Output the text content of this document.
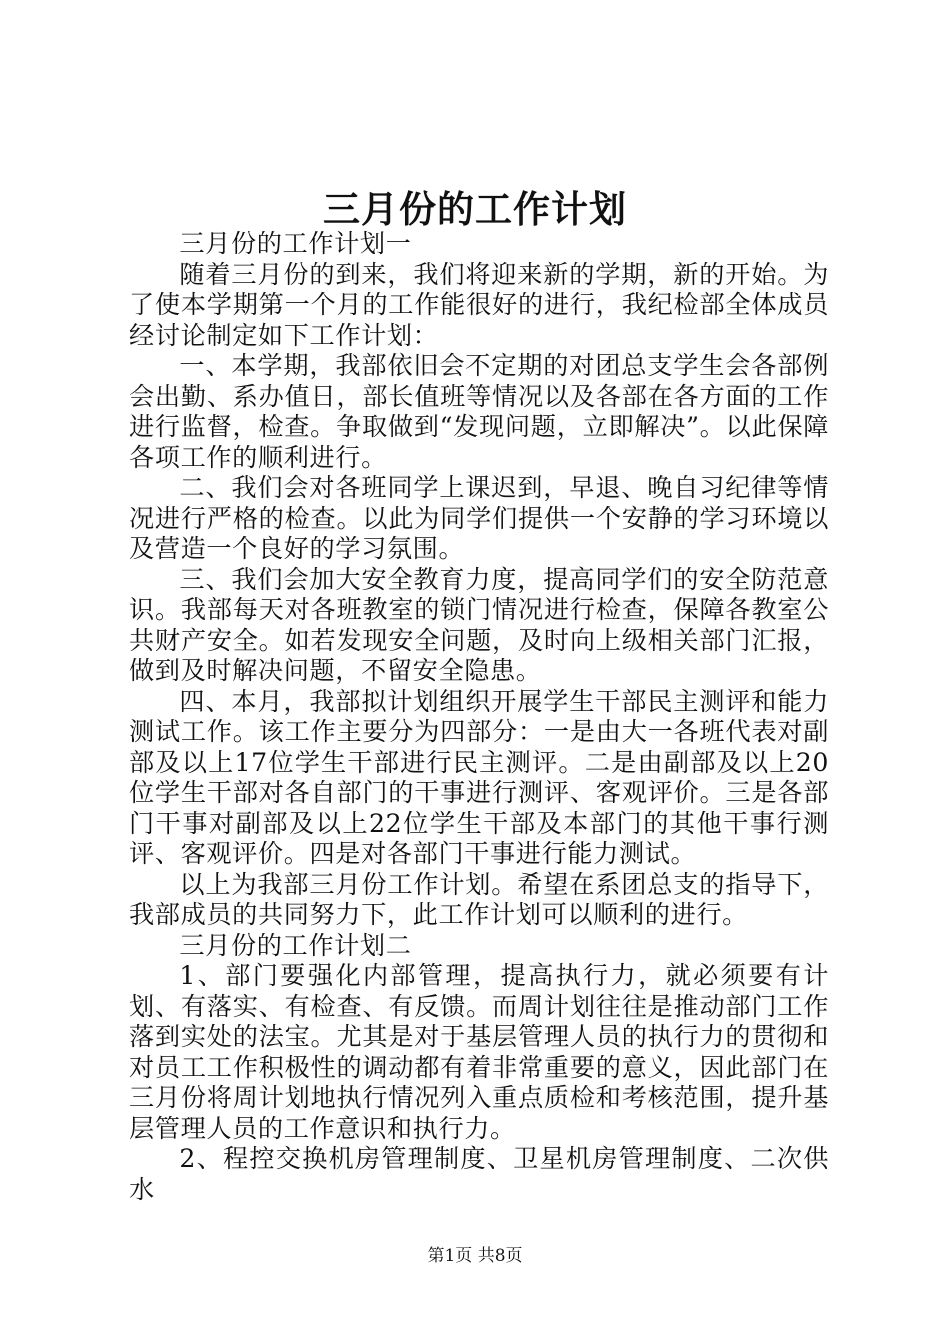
三月份的工作计划

三月份的工作计划一

随着三月份的到来，我们将迎来新的学期，新的开始。为了使本学期第一个月的工作能很好的进行，我纪检部全体成员经讨论制定如下工作计划：

一、本学期，我部依旧会不定期的对团总支学生会各部例会出勤、系办值日，部长值班等情况以及各部在各方面的工作进行监督，检查。争取做到“发现问题，立即解决”。以此保障各项工作的顺利进行。

二、我们会对各班同学上课迟到，早退、晚自习纪律等情况进行严格的检查。以此为同学们提供一个安静的学习环境以及营造一个良好的学习氛围。

三、我们会加大安全教育力度，提高同学们的安全防范意识。我部每天对各班教室的锁门情况进行检查，保障各教室公共财产安全。如若发现安全问题，及时向上级相关部门汇报，做到及时解决问题，不留安全隐患。

四、本月，我部拟计划组织开展学生干部民主测评和能力测试工作。该工作主要分为四部分：一是由大一各班代表对副部及以上17位学生干部进行民主测评。二是由副部及以上20位学生干部对各自部门的干事进行测评、客观评价。三是各部门干事对副部及以上22位学生干部及本部门的其他干事行测评、客观评价。四是对各部门干事进行能力测试。

以上为我部三月份工作计划。希望在系团总支的指导下，我部成员的共同努力下，此工作计划可以顺利的进行。

三月份的工作计划二

1、部门要强化内部管理，提高执行力，就必须要有计划、有落实、有检查、有反馈。而周计划往往是推动部门工作落到实处的法宝。尤其是对于基层管理人员的执行力的贯彻和对员工工作积极性的调动都有着非常重要的意义，因此部门在三月份将周计划地执行情况列入重点质检和考核范围，提升基层管理人员的工作意识和执行力。

2、程控交换机房管理制度、卫星机房管理制度、二次供水

第1页 共8页
